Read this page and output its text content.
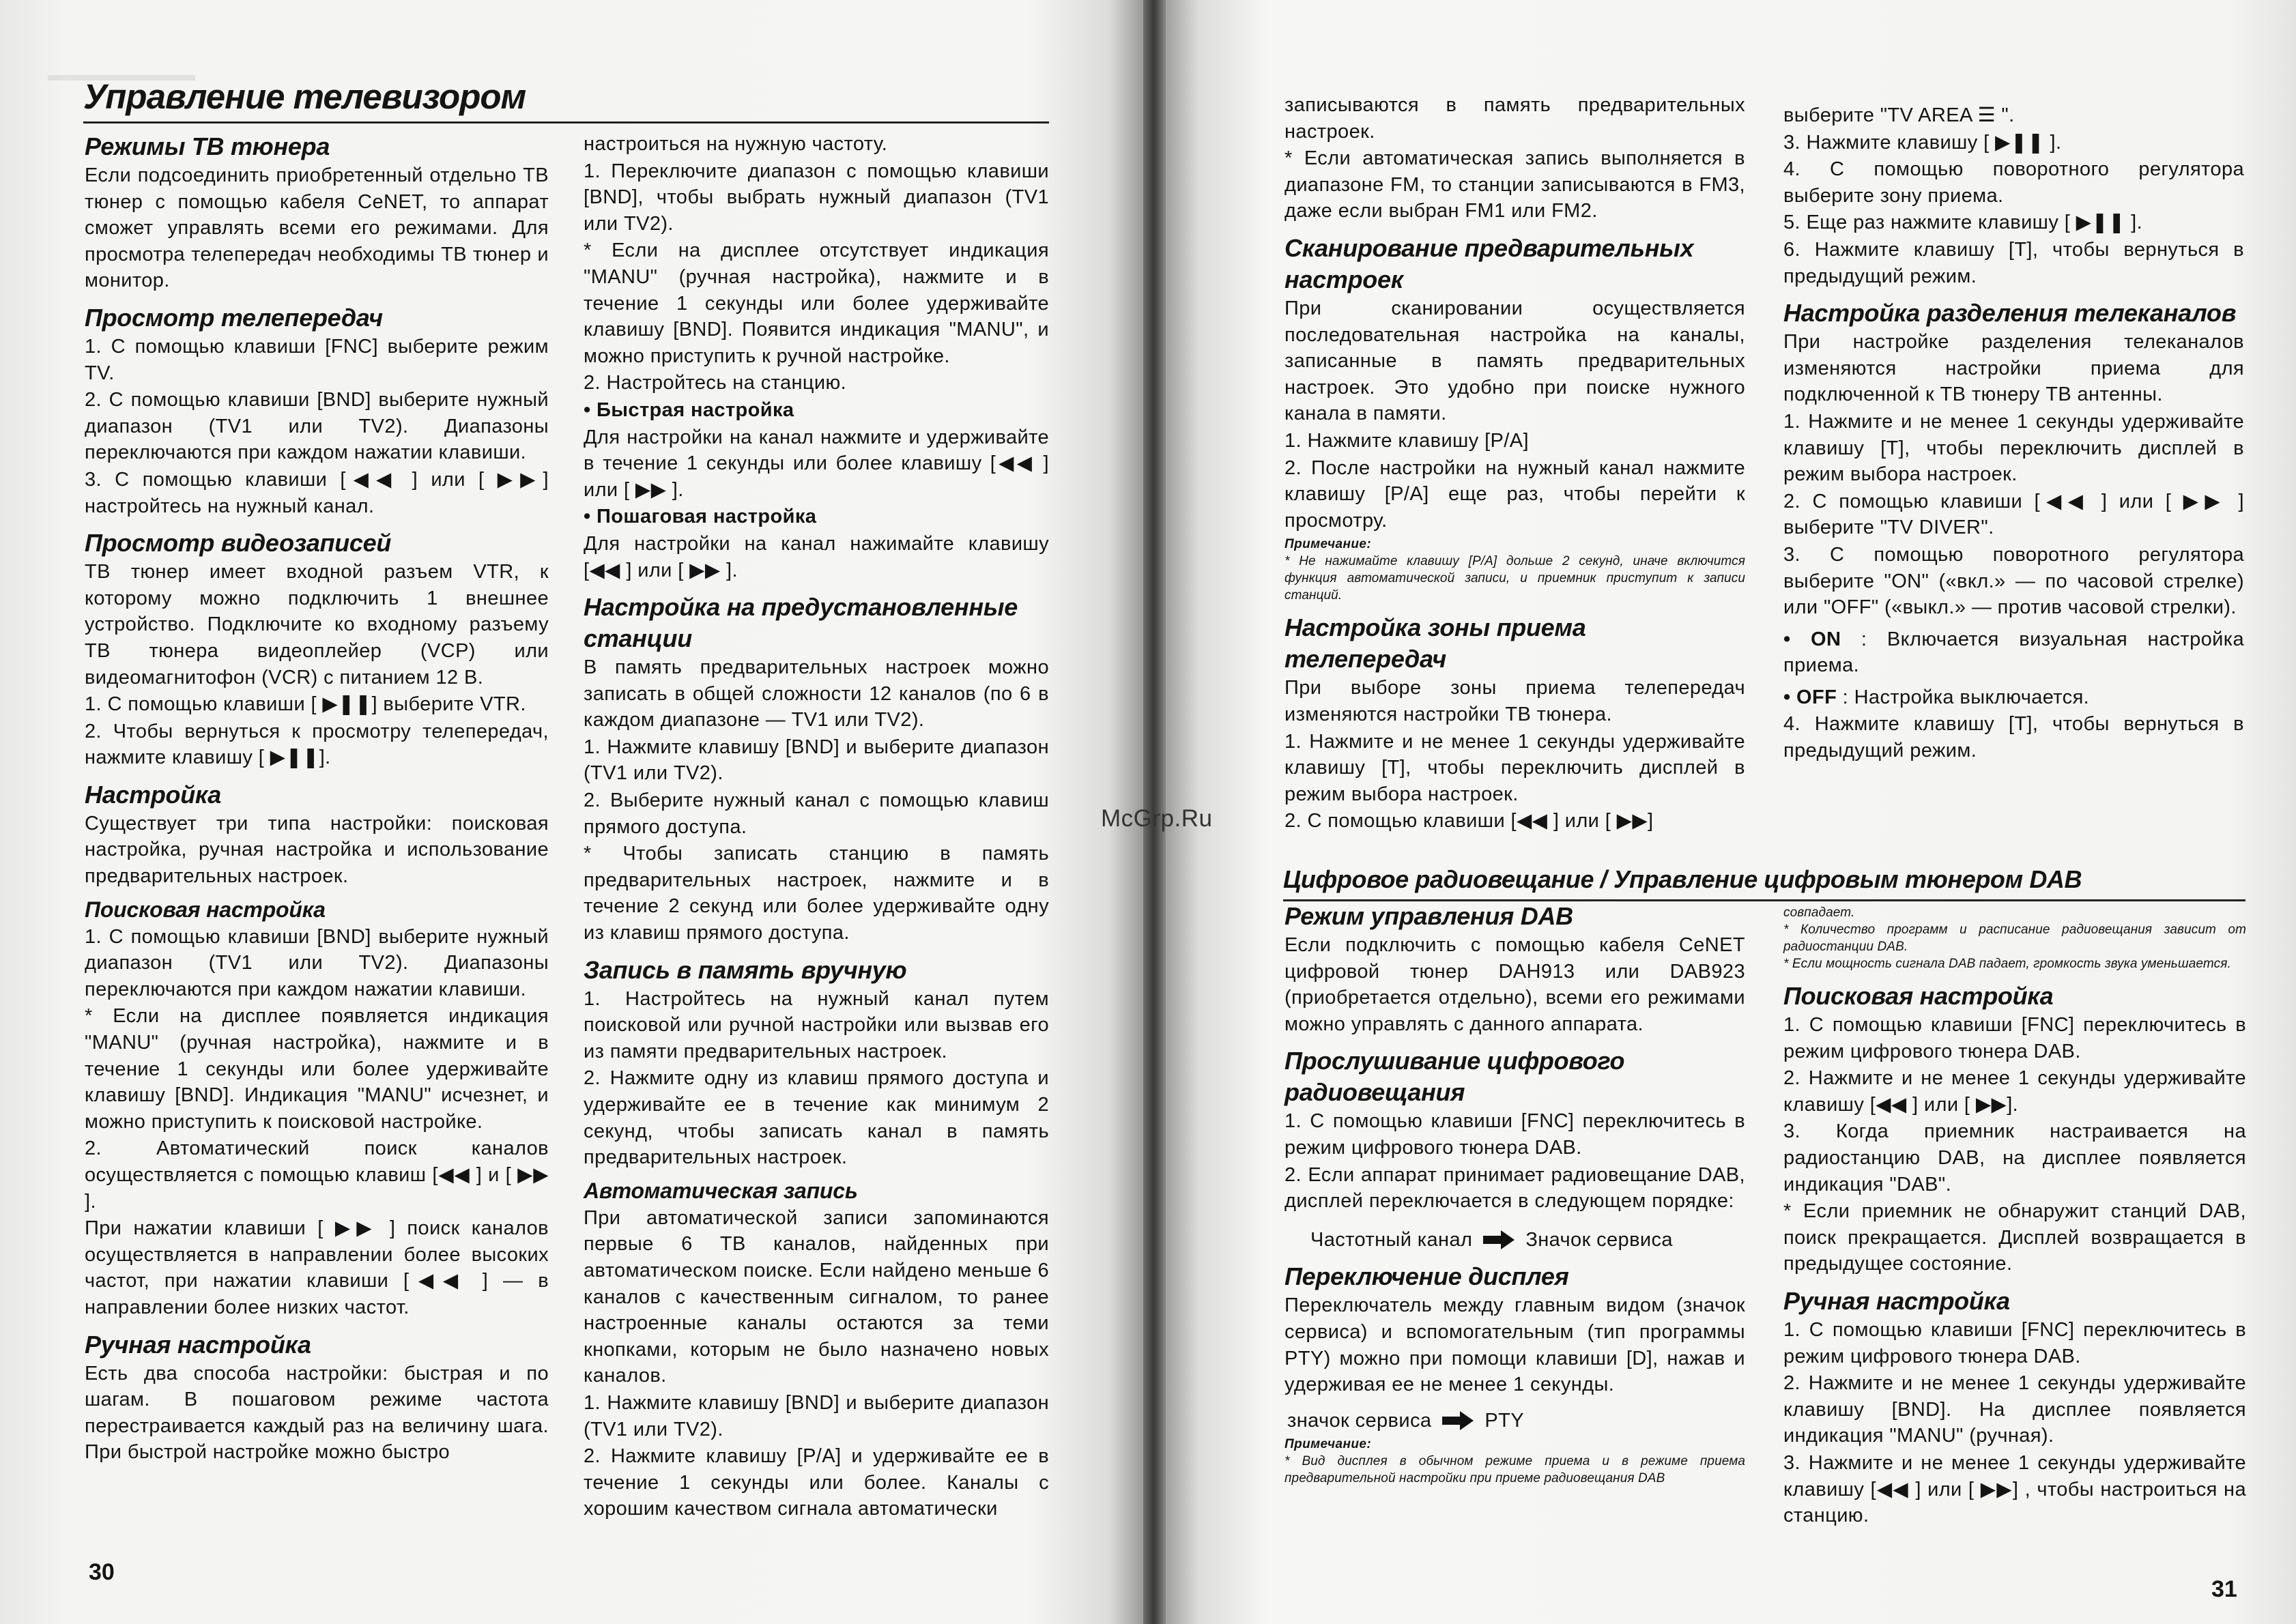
▬▬▬▬▬▬▬▬
Управление телевизором
Режимы ТВ тюнера

Если подсоединить приобретенный отдельно ТВ тюнер с помощью кабеля CeNET, то аппарат сможет управлять всеми его режимами. Для просмотра телепередач необходимы ТВ тюнер и монитор.

Просмотр телепередач

1. С помощью клавиши [FNC] выберите режим TV.

2. С помощью клавиши [BND] выберите нужный диапазон (TV1 или TV2). Диапазоны переключаются при каждом нажатии клавиши.

3. С помощью клавиши [◀◀ ] или [ ▶▶] настройтесь на нужный канал.

Просмотр видеозаписей

ТВ тюнер имеет входной разъем VTR, к которому можно подключить 1 внешнее устройство. Подключите ко входному разъему ТВ тюнера видеоплейер (VCP) или видеомагнитофон (VCR) с питанием 12 В.

1. С помощью клавиши [ ▶❚❚] выберите VTR.

2. Чтобы вернуться к просмотру телепередач, нажмите клавишу [ ▶❚❚].

Настройка

Существует три типа настройки: поисковая настройка, ручная настройка и использование предварительных настроек.

Поисковая настройка

1. С помощью клавиши [BND] выберите нужный диапазон (TV1 или TV2). Диапазоны переключаются при каждом нажатии клавиши.

* Если на дисплее появляется индикация "MANU" (ручная настройка), нажмите и в течение 1 секунды или более удерживайте клавишу [BND]. Индикация "MANU" исчезнет, и можно приступить к поисковой настройке.

2. Автоматический поиск каналов осуществляется с помощью клавиш [◀◀ ] и [ ▶▶ ].

При нажатии клавиши [ ▶▶ ] поиск каналов осуществляется в направлении более высоких частот, при нажатии клавиши [◀◀ ] — в направлении более низких частот.

Ручная настройка

Есть два способа настройки: быстрая и по шагам. В пошаговом режиме частота перестраивается каждый раз на величину шага. При быстрой настройке можно быстро

настроиться на нужную частоту.

1. Переключите диапазон с помощью клавиши [BND], чтобы выбрать нужный диапазон (TV1 или TV2).

* Если на дисплее отсутствует индикация "MANU" (ручная настройка), нажмите и в течение 1 секунды или более удерживайте клавишу [BND]. Появится индикация "MANU", и можно приступить к ручной настройке.

2. Настройтесь на станцию.

• Быстрая настройка

Для настройки на канал нажмите и удерживайте в течение 1 секунды или более клавишу [◀◀ ] или [ ▶▶ ].

• Пошаговая настройка

Для настройки на канал нажимайте клавишу [◀◀ ] или [ ▶▶ ].

Настройка на предустановленные станции

В память предварительных настроек можно записать в общей сложности 12 каналов (по 6 в каждом диапазоне — TV1 или TV2).

1. Нажмите клавишу [BND] и выберите диапазон (TV1 или TV2).

2. Выберите нужный канал с помощью клавиш прямого доступа.

* Чтобы записать станцию в память предварительных настроек, нажмите и в течение 2 секунд или более удерживайте одну из клавиш прямого доступа.

Запись в память вручную

1. Настройтесь на нужный канал путем поисковой или ручной настройки или вызвав его из памяти предварительных настроек.

2. Нажмите одну из клавиш прямого доступа и удерживайте ее в течение как минимум 2 секунд, чтобы записать канал в память предварительных настроек.

Автоматическая запись

При автоматической записи запоминаются первые 6 ТВ каналов, найденных при автоматическом поиске. Если найдено меньше 6 каналов с качественным сигналом, то ранее настроенные каналы остаются за теми кнопками, которым не было назначено новых каналов.

1. Нажмите клавишу [BND] и выберите диапазон (TV1 или TV2).

2. Нажмите клавишу [P/A] и удерживайте ее в течение 1 секунды или более. Каналы с хорошим качеством сигнала автоматически

30
McGrp.Ru

записываются в память предварительных настроек.

* Если автоматическая запись выполняется в диапазоне FM, то станции записываются в FM3, даже если выбран FM1 или FM2.

Сканирование предварительных настроек

При сканировании осуществляется последовательная настройка на каналы, записанные в память предварительных настроек. Это удобно при поиске нужного канала в памяти.

1. Нажмите клавишу [P/A]

2. После настройки на нужный канал нажмите клавишу [P/A] еще раз, чтобы перейти к просмотру.

Примечание:
* Не нажимайте клавишу [P/A] дольше 2 секунд, иначе включится функция автоматической записи, и приемник приступит к записи станций.
Настройка зоны приема телепередач

При выборе зоны приема телепередач изменяются настройки ТВ тюнера.

1. Нажмите и не менее 1 секунды удерживайте клавишу [T], чтобы переключить дисплей в режим выбора настроек.

2. С помощью клавиши [◀◀ ] или [ ▶▶]

выберите "TV AREA ☰ ".

3. Нажмите клавишу [ ▶❚❚ ].

4. С помощью поворотного регулятора выберите зону приема.

5. Еще раз нажмите клавишу [ ▶❚❚ ].

6. Нажмите клавишу [T], чтобы вернуться в предыдущий режим.

Настройка разделения телеканалов

При настройке разделения телеканалов изменяются настройки приема для подключенной к ТВ тюнеру ТВ антенны.

1. Нажмите и не менее 1 секунды удерживайте клавишу [T], чтобы переключить дисплей в режим выбора настроек.

2. С помощью клавиши [◀◀ ] или [ ▶▶ ] выберите "TV DIVER".

3. С помощью поворотного регулятора выберите "ON" («вкл.» — по часовой стрелке) или "OFF" («выкл.» — против часовой стрелки).

• ON : Включается визуальная настройка приема.

• OFF : Настройка выключается.

4. Нажмите клавишу [T], чтобы вернуться в предыдущий режим.

Цифровое радиовещание / Управление цифровым тюнером DAB
Режим управления DAB

Если подключить с помощью кабеля CeNET цифровой тюнер DAH913 или DAB923 (приобретается отдельно), всеми его режимами можно управлять с данного аппарата.

Прослушивание цифрового радиовещания

1. С помощью клавиши [FNC] переключитесь в режим цифрового тюнера DAB.

2. Если аппарат принимает радиовещание DAB, дисплей переключается в следующем порядке:

Частотный канал	Значок сервиса
Переключение дисплея

Переключатель между главным видом (значок сервиса) и вспомогательным (тип программы PTY) можно при помощи клавиши [D], нажав и удерживая ее не менее 1 секунды.

значок сервиса	PTY
Примечание:
* Вид дисплея в обычном режиме приема и в режиме приема предварительной настройки при приеме радиовещания DAB
совпадает.
* Количество программ и расписание радиовещания зависит от радиостанции DAB.
* Если мощность сигнала DAB падает, громкость звука уменьшается.
Поисковая настройка

1. С помощью клавиши [FNC] переключитесь в режим цифрового тюнера DAB.

2. Нажмите и не менее 1 секунды удерживайте клавишу [◀◀ ] или [ ▶▶].

3. Когда приемник настраивается на радиостанцию DAB, на дисплее появляется индикация "DAB".

* Если приемник не обнаружит станций DAB, поиск прекращается. Дисплей возвращается в предыдущее состояние.

Ручная настройка

1. С помощью клавиши [FNC] переключитесь в режим цифрового тюнера DAB.

2. Нажмите и не менее 1 секунды удерживайте клавишу [BND]. На дисплее появляется индикация "MANU" (ручная).

3. Нажмите и не менее 1 секунды удерживайте клавишу [◀◀ ] или [ ▶▶] , чтобы настроиться на станцию.

31
